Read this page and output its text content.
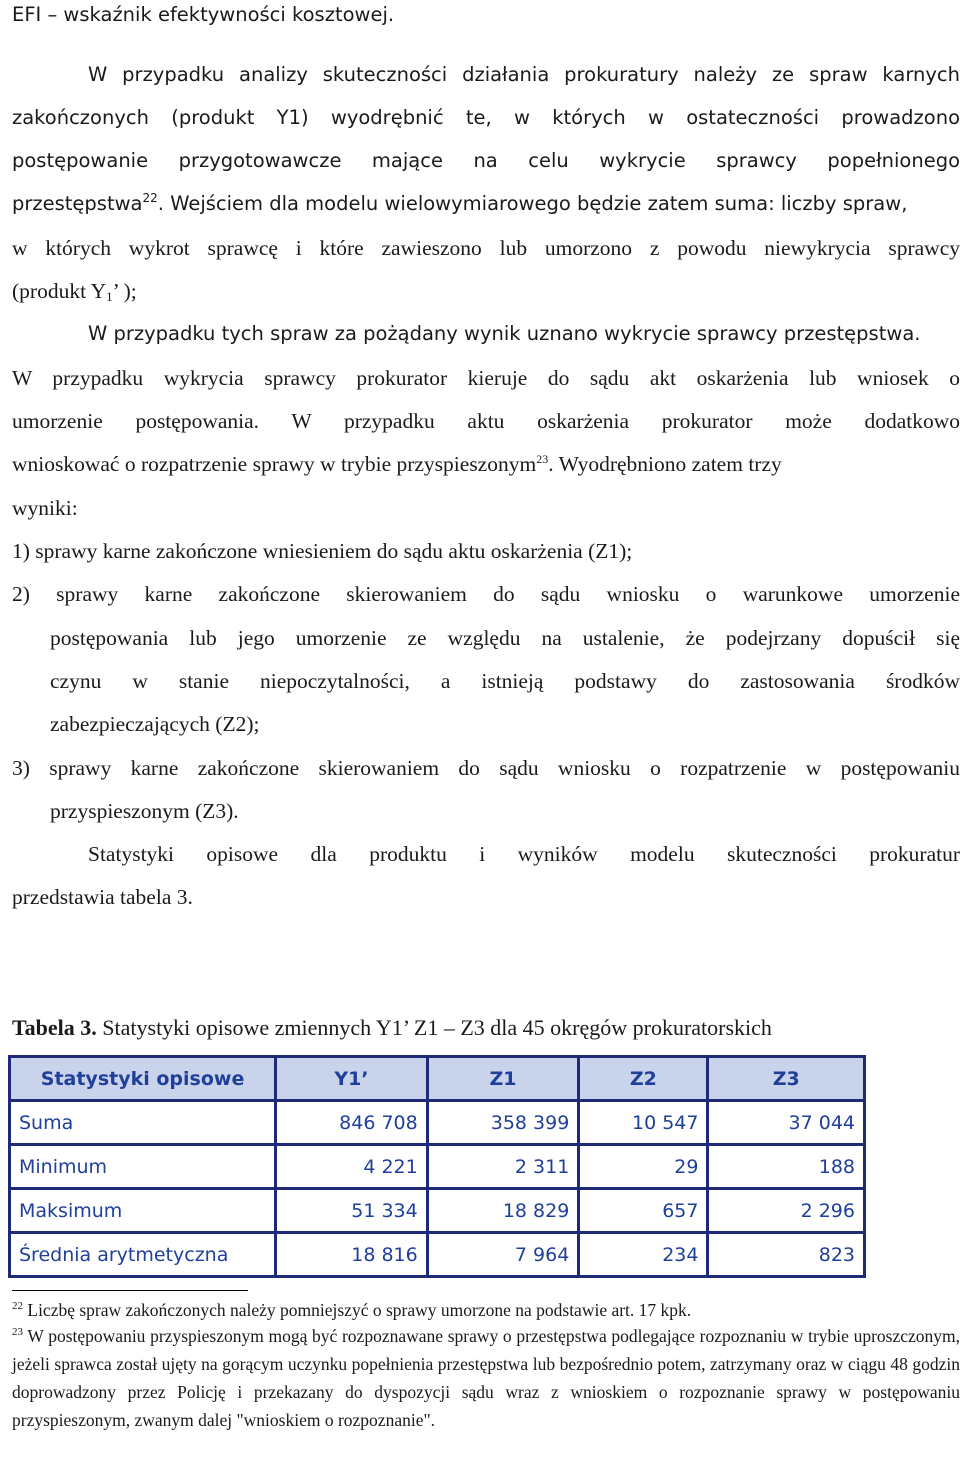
EFI – wskaźnik efektywności kosztowej.
W przypadku analizy skuteczności działania prokuratury należy ze spraw karnych
zakończonych (produkt Y1) wyodrębnić te, w których w ostateczności prowadzono
postępowanie przygotowawcze mające na celu wykrycie sprawcy popełnionego
przestępstwa$^{22}$. Wejściem dla modelu wielowymiarowego będzie zatem suma: liczby spraw,
w których wykrot sprawcę i które zawieszono lub umorzono z powodu niewykrycia sprawcy
(produkt $Y_1$’ );
W przypadku tych spraw za pożądany wynik uznano wykrycie sprawcy przestępstwa.
W przypadku wykrycia sprawcy prokurator kieruje do sądu akt oskarżenia lub wniosek o
umorzenie postępowania. W przypadku aktu oskarżenia prokurator może dodatkowo
wnioskować o rozpatrzenie sprawy w trybie przyspieszonym$^{23}$. Wyodrębniono zatem trzy
wyniki:
1) sprawy karne zakończone wniesieniem do sądu aktu oskarżenia (Z1);
2) sprawy karne zakończone skierowaniem do sądu wniosku o warunkowe umorzenie
postępowania lub jego umorzenie ze względu na ustalenie, że podejrzany dopuścił się
czynu w stanie niepoczytalności, a istnieją podstawy do zastosowania środków
zabezpieczających (Z2);
3) sprawy karne zakończone skierowaniem do sądu wniosku o rozpatrzenie w postępowaniu
przyspieszonym (Z3).
Statystyki opisowe dla produktu i wyników modelu skuteczności prokuratur
przedstawia tabela 3.
Tabela 3. Statystyki opisowe zmiennych Y1’ Z1 – Z3 dla 45 okręgów prokuratorskich
Statystyki opisowe	Y1’	Z1	Z2	Z3
Suma	846 708	358 399	10 547	37 044
Minimum	4 221	2 311	29	188
Maksimum	51 334	18 829	657	2 296
Średnia arytmetyczna	18 816	7 964	234	823
$^{22}$ Liczbę spraw zakończonych należy pomniejszyć o sprawy umorzone na podstawie art. 17 kpk.
$^{23}$ W postępowaniu przyspieszonym mogą być rozpoznawane sprawy o przestępstwa podlegające rozpoznaniu w trybie uproszczonym, jeżeli sprawca został ujęty na gorącym uczynku popełnienia przestępstwa lub bezpośrednio potem, zatrzymany oraz w ciągu 48 godzin doprowadzony przez Policję i przekazany do dyspozycji sądu wraz z wnioskiem o rozpoznanie sprawy w postępowaniu przyspieszonym, zwanym dalej "wnioskiem o rozpoznanie".
